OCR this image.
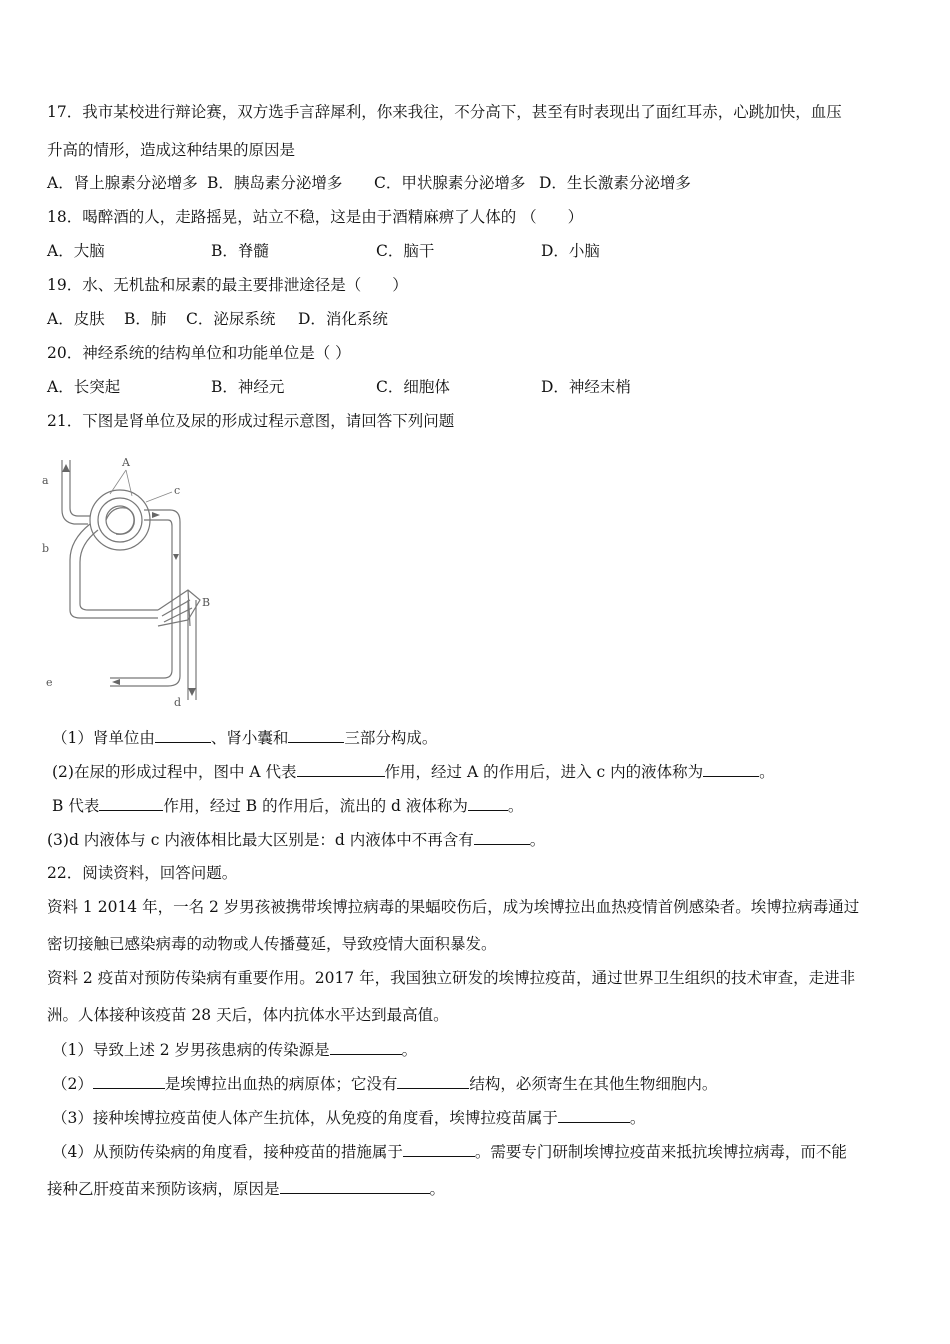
17．我市某校进行辩论赛，双方选手言辞犀利，你来我往，不分高下，甚至有时表现出了面红耳赤，心跳加快，血压
升高的情形，造成这种结果的原因是
A．肾上腺素分泌增多 B．胰岛素分泌增多 C．甲状腺素分泌增多 D．生长激素分泌增多
18．喝醉酒的人，走路摇晃，站立不稳，这是由于酒精麻痹了人体的 （　　）
A．大脑	B．脊髓	C．脑干	D．小脑
19．水、无机盐和尿素的最主要排泄途径是（　　）
A．皮肤 B．肺 C．泌尿系统 D．消化系统
20．神经系统的结构单位和功能单位是（ ）
A．长突起	B．神经元	C．细胞体	D．神经末梢
21．下图是肾单位及尿的形成过程示意图，请回答下列问题
a
b
A
c
B
e
d
（1）肾单位由	、肾小囊和	三部分构成。
(2)在尿的形成过程中，图中 A 代表	作用，经过 A 的作用后，进入 c 内的液体称为	。
B 代表	作用，经过 B 的作用后，流出的 d 液体称为	。
(3)d 内液体与 c 内液体相比最大区别是：d 内液体中不再含有	。
22．阅读资料，回答问题。
资料 1 2014 年，一名 2 岁男孩被携带埃博拉病毒的果蝠咬伤后，成为埃博拉出血热疫情首例感染者。埃博拉病毒通过
密切接触已感染病毒的动物或人传播蔓延，导致疫情大面积暴发。
资料 2 疫苗对预防传染病有重要作用。2017 年，我国独立研发的埃博拉疫苗，通过世界卫生组织的技术审查，走进非
洲。人体接种该疫苗 28 天后，体内抗体水平达到最高值。
（1）导致上述 2 岁男孩患病的传染源是	。
（2）	是埃博拉出血热的病原体；它没有	结构，必须寄生在其他生物细胞内。
（3）接种埃博拉疫苗使人体产生抗体，从免疫的角度看，埃博拉疫苗属于	。
（4）从预防传染病的角度看，接种疫苗的措施属于	。需要专门研制埃博拉疫苗来抵抗埃博拉病毒，而不能
接种乙肝疫苗来预防该病，原因是	。
